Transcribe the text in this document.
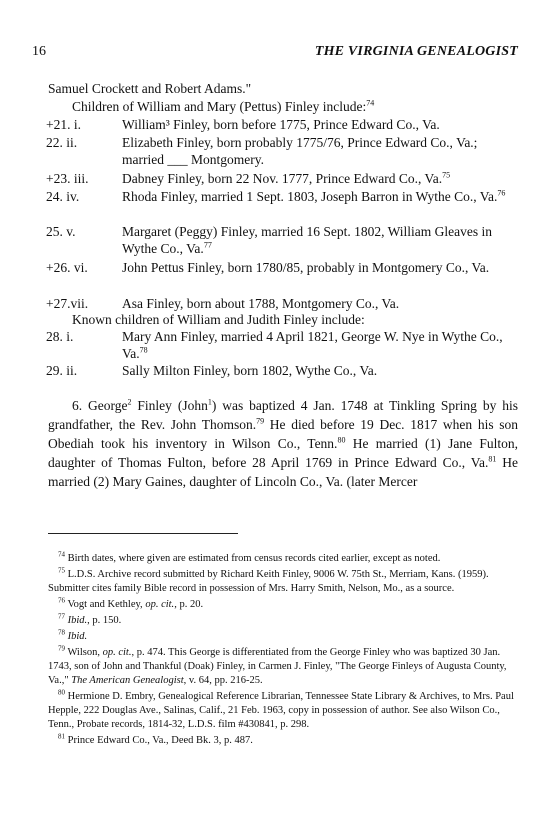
16	THE VIRGINIA GENEALOGIST
Samuel Crockett and Robert Adams."
Children of William and Mary (Pettus) Finley include:$^{74}$
+21. i.	William³ Finley, born before 1775, Prince Edward Co., Va.
22. ii.	Elizabeth Finley, born probably 1775/76, Prince Edward Co., Va.; married ___ Montgomery.
+23. iii. Dabney Finley, born 22 Nov. 1777, Prince Edward Co., Va.$^{75}$
24. iv.	Rhoda Finley, married 1 Sept. 1803, Joseph Barron in Wythe Co., Va.$^{76}$
25. v.	Margaret (Peggy) Finley, married 16 Sept. 1802, William Gleaves in Wythe Co., Va.$^{77}$
+26. vi.	John Pettus Finley, born 1780/85, probably in Montgomery Co., Va.
+27.vii.	Asa Finley, born about 1788, Montgomery Co., Va.
Known children of William and Judith Finley include:
28. i.	Mary Ann Finley, married 4 April 1821, George W. Nye in Wythe Co., Va.$^{78}$
29. ii.	Sally Milton Finley, born 1802, Wythe Co., Va.
6. George$^2$ Finley (John$^1$) was baptized 4 Jan. 1748 at Tinkling Spring by his grandfather, the Rev. John Thomson.$^{79}$ He died before 19 Dec. 1817 when his son Obediah took his inventory in Wilson Co., Tenn.$^{80}$ He married (1) Jane Fulton, daughter of Thomas Fulton, before 28 April 1769 in Prince Edward Co., Va.$^{81}$ He married (2) Mary Gaines, daughter of Lincoln Co., Va. (later Mercer
$^{74}$ Birth dates, where given are estimated from census records cited earlier, except as noted.
$^{75}$ L.D.S. Archive record submitted by Richard Keith Finley, 9006 W. 75th St., Merriam, Kans. (1959). Submitter cites family Bible record in possession of Mrs. Harry Smith, Nelson, Mo., as a source.
$^{76}$ Vogt and Kethley, op. cit., p. 20.
$^{77}$ Ibid., p. 150.
$^{78}$ Ibid.
$^{79}$ Wilson, op. cit., p. 474. This George is differentiated from the George Finley who was baptized 30 Jan. 1743, son of John and Thankful (Doak) Finley, in Carmen J. Finley, "The George Finleys of Augusta County, Va.," The American Genealogist, v. 64, pp. 216-25.
$^{80}$ Hermione D. Embry, Genealogical Reference Librarian, Tennessee State Library & Archives, to Mrs. Paul Hepple, 222 Douglas Ave., Salinas, Calif., 21 Feb. 1963, copy in possession of author. See also Wilson Co., Tenn., Probate records, 1814-32, L.D.S. film #430841, p. 298.
$^{81}$ Prince Edward Co., Va., Deed Bk. 3, p. 487.
